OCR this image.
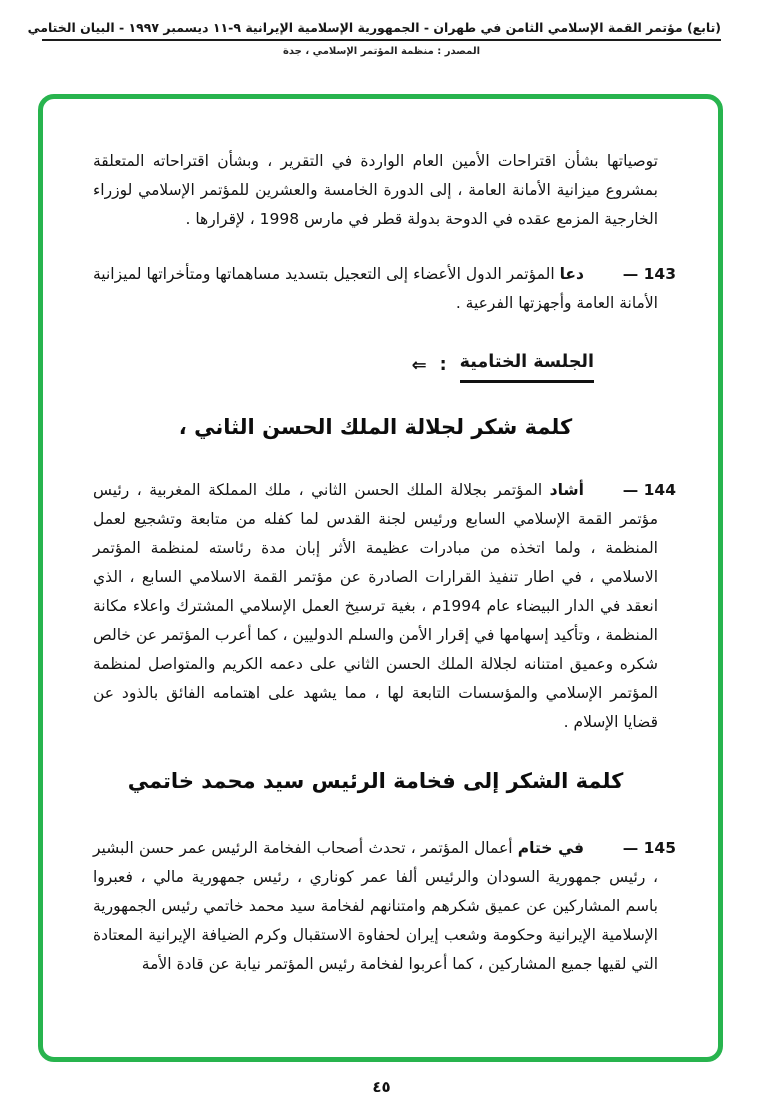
(تابع) مؤتمر القمة الإسلامي الثامن في طهران - الجمهورية الإسلامية الإيرانية ٩-١١ ديسمبر ١٩٩٧ - البيان الختامي
المصدر : منظمة المؤتمر الإسلامي ، جدة

توصياتها بشأن اقتراحات الأمين العام الواردة في التقرير ، وبشأن اقتراحاته المتعلقة بمشروع ميزانية الأمانة العامة ، إلى الدورة الخامسة والعشرين للمؤتمر الإسلامي لوزراء الخارجية المزمع عقده في الدوحة بدولة قطر في مارس 1998 ، لإقرارها .

143 —
دعا المؤتمر الدول الأعضاء إلى التعجيل بتسديد مساهماتها ومتأخراتها لميزانية الأمانة العامة وأجهزتها الفرعية .

الجلسة الختامية
:
⇐
كلمة شكر لجلالة الملك الحسن الثاني ،

144 —
أشاد المؤتمر بجلالة الملك الحسن الثاني ، ملك المملكة المغربية ، رئيس مؤتمر القمة الإسلامي السابع ورئيس لجنة القدس لما كفله من متابعة وتشجيع لعمل المنظمة ، ولما اتخذه من مبادرات عظيمة الأثر إبان مدة رئاسته لمنظمة المؤتمر الاسلامي ، في اطار تنفيذ القرارات الصادرة عن مؤتمر القمة الاسلامي السابع ، الذي انعقد في الدار البيضاء عام 1994م ، بغية ترسيخ العمل الإسلامي المشترك واعلاء مكانة المنظمة ، وتأكيد إسهامها في إقرار الأمن والسلم الدوليين ، كما أعرب المؤتمر عن خالص شكره وعميق امتنانه لجلالة الملك الحسن الثاني على دعمه الكريم والمتواصل لمنظمة المؤتمر الإسلامي والمؤسسات التابعة لها ، مما يشهد على اهتمامه الفائق بالذود عن قضايا الإسلام .

كلمة الشكر إلى فخامة الرئيس سيد محمد خاتمي

145 —
في ختام أعمال المؤتمر ، تحدث أصحاب الفخامة الرئيس عمر حسن البشير ، رئيس جمهورية السودان والرئيس ألفا عمر كوناري ، رئيس جمهورية مالي ، فعبروا باسم المشاركين عن عميق شكرهم وامتنانهم لفخامة سيد محمد خاتمي رئيس الجمهورية الإسلامية الإيرانية وحكومة وشعب إيران لحفاوة الاستقبال وكرم الضيافة الإيرانية المعتادة التي لقيها جميع المشاركين ، كما أعربوا لفخامة رئيس المؤتمر نيابة عن قادة الأمة

٤٥
